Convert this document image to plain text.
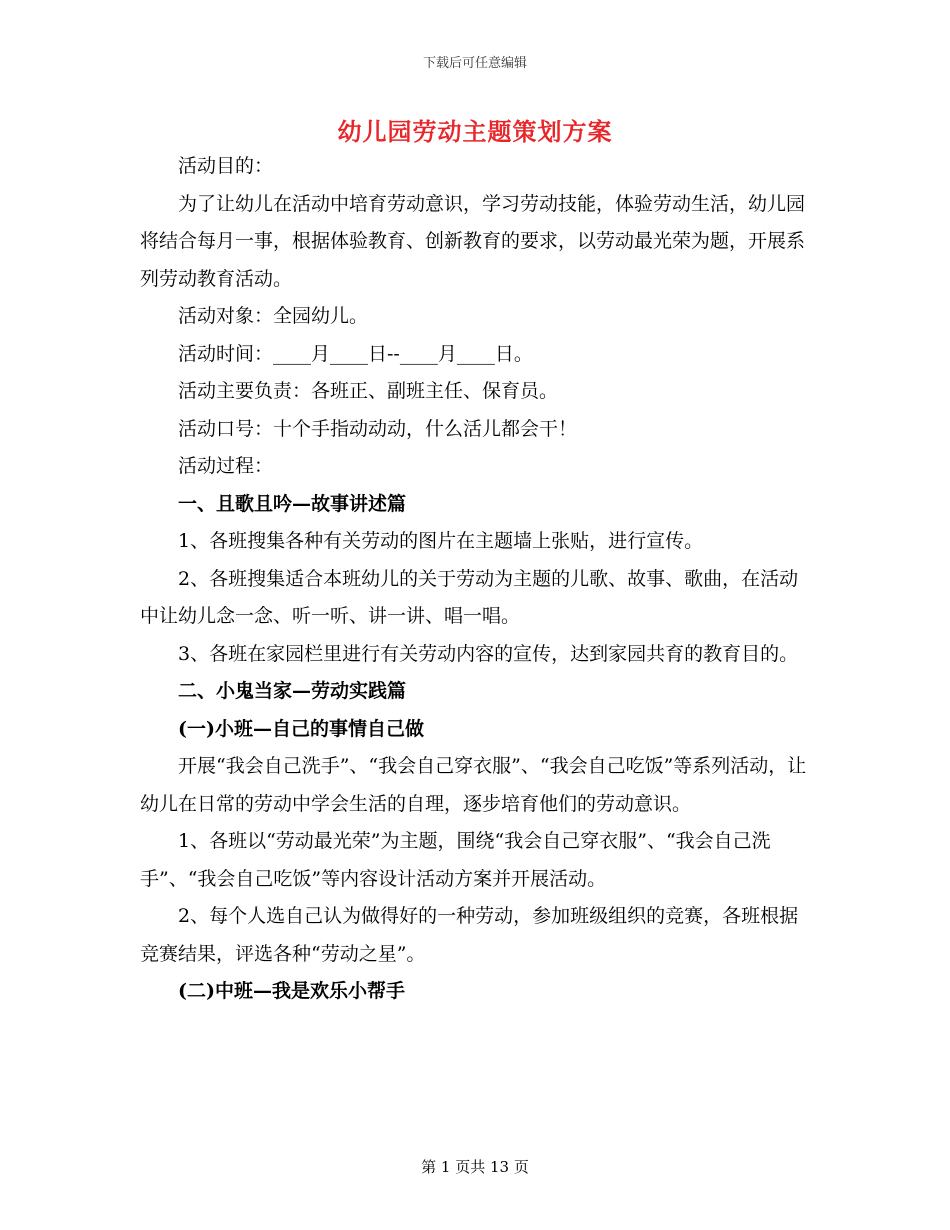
下载后可任意编辑
幼儿园劳动主题策划方案

活动目的：

为了让幼儿在活动中培育劳动意识，学习劳动技能，体验劳动生活，幼儿园将结合每月一事，根据体验教育、创新教育的要求，以劳动最光荣为题，开展系列劳动教育活动。

活动对象：全园幼儿。

活动时间：____月____日--____月____日。

活动主要负责：各班正、副班主任、保育员。

活动口号：十个手指动动动，什么活儿都会干！

活动过程：

一、且歌且吟—故事讲述篇

1、各班搜集各种有关劳动的图片在主题墙上张贴，进行宣传。

2、各班搜集适合本班幼儿的关于劳动为主题的儿歌、故事、歌曲，在活动中让幼儿念一念、听一听、讲一讲、唱一唱。

3、各班在家园栏里进行有关劳动内容的宣传，达到家园共育的教育目的。

二、小鬼当家—劳动实践篇

(一)小班—自己的事情自己做

开展“我会自己洗手”、“我会自己穿衣服”、“我会自己吃饭”等系列活动，让幼儿在日常的劳动中学会生活的自理，逐步培育他们的劳动意识。

1、各班以“劳动最光荣”为主题，围绕“我会自己穿衣服”、“我会自己洗手”、“我会自己吃饭”等内容设计活动方案并开展活动。

2、每个人选自己认为做得好的一种劳动，参加班级组织的竞赛，各班根据竞赛结果，评选各种“劳动之星”。

(二)中班—我是欢乐小帮手

第 1 页共 13 页
